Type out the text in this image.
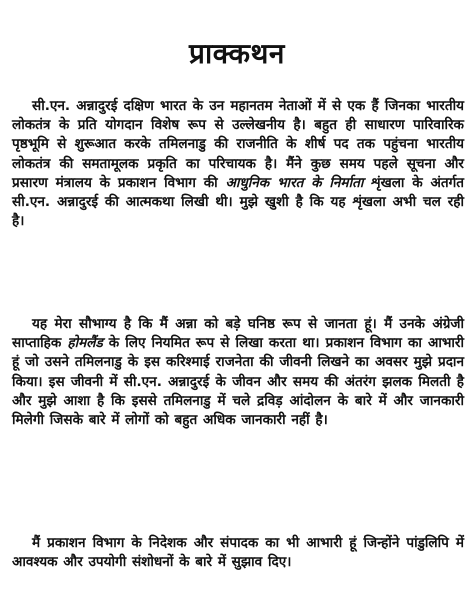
प्राक्कथन

सी.एन. अन्नादुरई दक्षिण भारत के उन महानतम नेताओं में से एक हैं जिनका भारतीय लोकतंत्र के प्रति योगदान विशेष रूप से उल्लेखनीय है। बहुत ही साधारण पारिवारिक पृष्ठभूमि से शुरूआत करके तमिलनाडु की राजनीति के शीर्ष पद तक पहुंचना भारतीय लोकतंत्र की समतामूलक प्रकृति का परिचायक है। मैंने कुछ समय पहले सूचना और प्रसारण मंत्रालय के प्रकाशन विभाग की आधुनिक भारत के निर्माता शृंखला के अंतर्गत सी.एन. अन्नादुरई की आत्मकथा लिखी थी। मुझे खुशी है कि यह शृंखला अभी चल रही है।

यह मेरा सौभाग्य है कि मैं अन्ना को बड़े घनिष्ठ रूप से जानता हूं। मैं उनके अंग्रेजी साप्ताहिक होमलैंड के लिए नियमित रूप से लिखा करता था। प्रकाशन विभाग का आभारी हूं जो उसने तमिलनाडु के इस करिश्माई राजनेता की जीवनी लिखने का अवसर मुझे प्रदान किया। इस जीवनी में सी.एन. अन्नादुरई के जीवन और समय की अंतरंग झलक मिलती है और मुझे आशा है कि इससे तमिलनाडु में चले द्रविड़ आंदोलन के बारे में और जानकारी मिलेगी जिसके बारे में लोगों को बहुत अधिक जानकारी नहीं है।

मैं प्रकाशन विभाग के निदेशक और संपादक का भी आभारी हूं जिन्होंने पांडुलिपि में आवश्यक और उपयोगी संशोधनों के बारे में सुझाव दिए।
